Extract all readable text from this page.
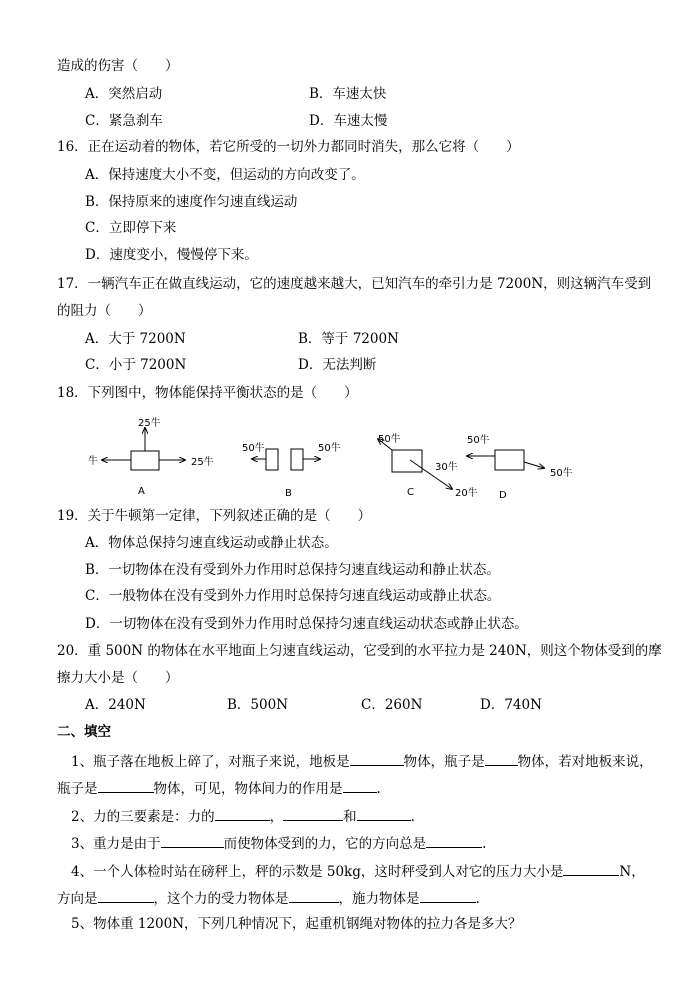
造成的伤害（　　）
A．突然启动	B．车速太快
C．紧急刹车	D．车速太慢
16．正在运动着的物体，若它所受的一切外力都同时消失，那么它将（　　）
A．保持速度大小不变，但运动的方向改变了。
B．保持原来的速度作匀速直线运动
C．立即停下来
D．速度变小，慢慢停下来。
17．一辆汽车正在做直线运动，它的速度越来越大，已知汽车的牵引力是 7200N，则这辆汽车受到
的阻力（　　）
A．大于 7200N	B．等于 7200N
C．小于 7200N	D．无法判断
18．下列图中，物体能保持平衡状态的是（　　）
25牛
牛	25牛
A
50牛	50牛
B
50牛
30牛
20牛
C
50牛
50牛
D
19．关于牛顿第一定律，下列叙述正确的是（　　）
A．物体总保持匀速直线运动或静止状态。
B．一切物体在没有受到外力作用时总保持匀速直线运动和静止状态。
C．一般物体在没有受到外力作用时总保持匀速直线运动或静止状态。
D．一切物体在没有受到外力作用时总保持匀速直线运动状态或静止状态。
20．重 500N 的物体在水平地面上匀速直线运动，它受到的水平拉力是 240N，则这个物体受到的摩
擦力大小是（　　）
A．240N	B．500N	C．260N	D．740N
二、填空
1、瓶子落在地板上碎了，对瓶子来说，地板是	物体，瓶子是 物体，若对地板来说，
瓶子是	物体，可见，物体间力的作用是	.
2、力的三要素是：力的	，	和	.
3、重力是由于	而使物体受到的力，它的方向总是	.
4、一个人体检时站在磅秤上，秤的示数是 50kg，这时秤受到人对它的压力大小是	N，
方向是	，这个力的受力物体是	，施力物体是	.
5、物体重 1200N，下列几种情况下，起重机钢绳对物体的拉力各是多大？
